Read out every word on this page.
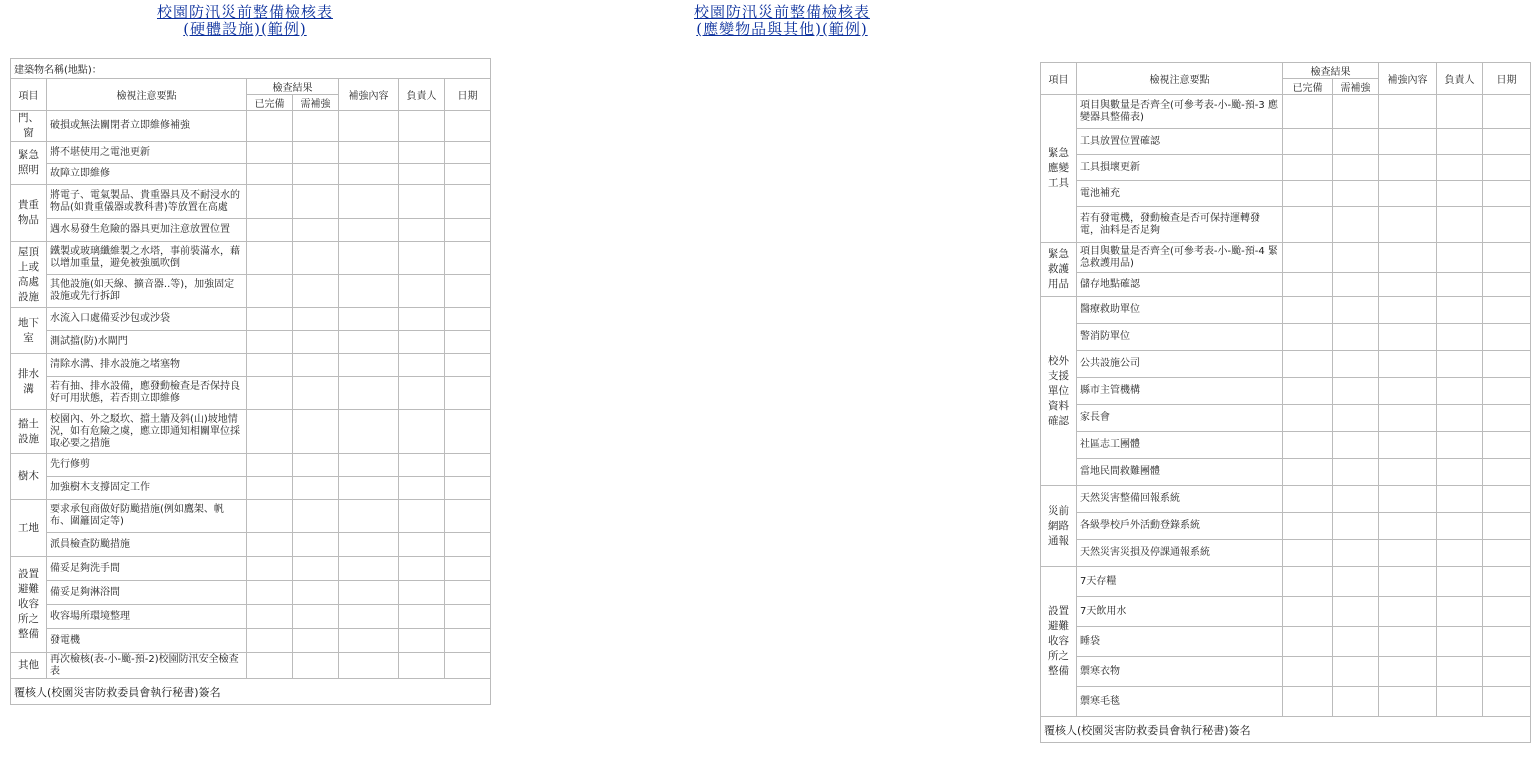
校園防汛災前整備檢核表
(硬體設施)(範例)
建築物名稱(地點)：						
項目	檢視注意要點	檢查結果		補強內容	負責人	日期
		已完備	需補強			
門、窗	破損或無法關閉者立即維修補強					
緊急照明	將不堪使用之電池更新					
	故障立即維修					
貴重物品	將電子、電氣製品、貴重器具及不耐浸水的物品(如貴重儀器或教科書)等放置在高處					
	遇水易發生危險的器具更加注意放置位置					
屋頂上或高處設施	鐵製或玻璃纖維製之水塔，事前裝滿水，藉以增加重量，避免被強風吹倒					
	其他設施(如天線、擴音器..等)，加強固定設施或先行拆卸					
地下室	水流入口處備妥沙包或沙袋					
	測試擋(防)水閘門					
排水溝	清除水溝、排水設施之堵塞物					
	若有抽、排水設備，應發動檢查是否保持良好可用狀態，若否則立即維修					
擋土設施	校園內、外之駁坎、擋土牆及斜(山)坡地情況，如有危險之虞，應立即通知相關單位採取必要之措施					
樹木	先行修剪					
	加強樹木支撐固定工作					
工地	要求承包商做好防颱措施(例如鷹架、帆布、圍籬固定等)					
	派員檢查防颱措施					
設置避難收容所之整備	備妥足夠洗手間					
	備妥足夠淋浴間					
	收容場所環境整理					
	發電機					
其他	再次檢核(表-小-颱-預-2)校園防汛安全檢查表					
覆核人(校園災害防救委員會執行秘書)簽名						
校園防汛災前整備檢核表
(應變物品與其他)(範例)
項目	檢視注意要點	檢查結果		補強內容	負責人	日期
		已完備	需補強			
緊急應變工具	項目與數量是否齊全(可參考表-小-颱-預-3 應變器具整備表)					
	工具放置位置確認					
	工具損壞更新					
	電池補充					
	若有發電機，發動檢查是否可保持運轉發電，油料是否足夠					
緊急救護用品	項目與數量是否齊全(可參考表-小-颱-預-4 緊急救護用品)					
	儲存地點確認					
校外支援單位資料確認	醫療救助單位					
	警消防單位					
	公共設施公司					
	縣市主管機構					
	家長會					
	社區志工團體					
	當地民間救難團體					
災前網路通報	天然災害整備回報系統					
	各級學校戶外活動登錄系統					
	天然災害災損及停課通報系統					
設置避難收容所之整備	7天存糧					
	7天飲用水					
	睡袋					
	禦寒衣物					
	禦寒毛毯					
覆核人(校園災害防救委員會執行秘書)簽名						
